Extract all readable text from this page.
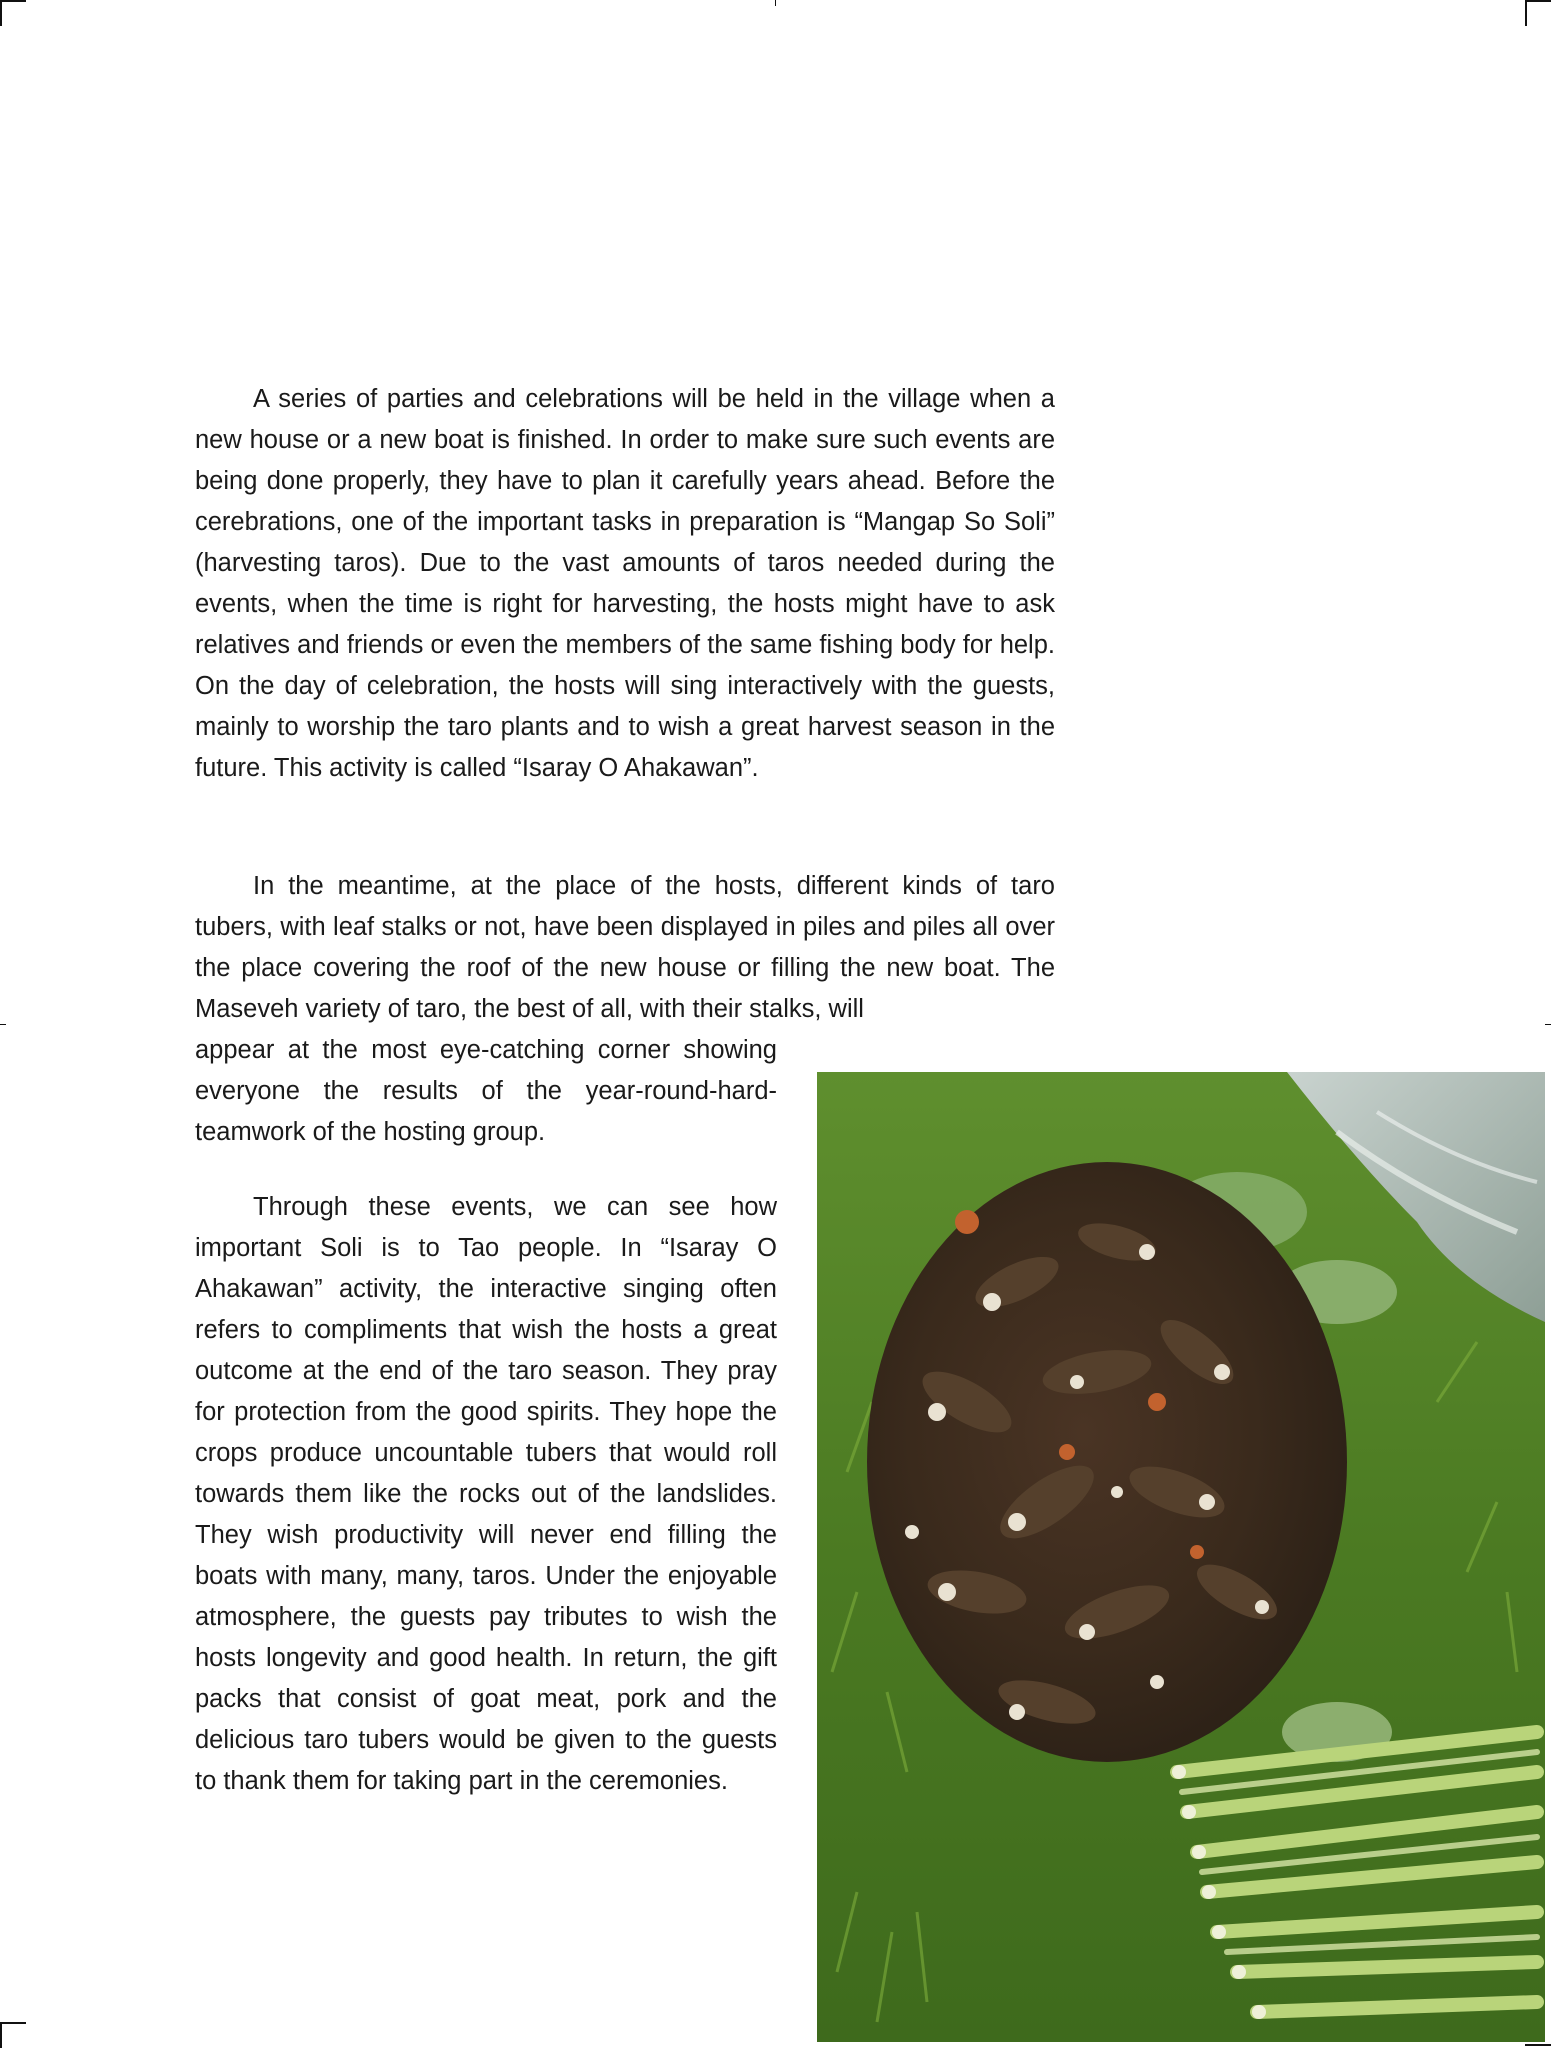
A series of parties and celebrations will be held in the village when a new house or a new boat is finished. In order to make sure such events are being done properly, they have to plan it carefully years ahead. Before the cerebrations, one of the important tasks in preparation is “Mangap So Soli” (harvesting taros). Due to the vast amounts of taros needed during the events, when the time is right for harvesting, the hosts might have to ask relatives and friends or even the members of the same fishing body for help. On the day of celebration, the hosts will sing interactively with the guests, mainly to worship the taro plants and to wish a great harvest season in the future. This activity is called “Isaray O Ahakawan”.

In the meantime, at the place of the hosts, different kinds of taro tubers, with leaf stalks or not, have been displayed in piles and piles all over the place covering the roof of the new house or filling the new boat. The Maseveh variety of taro, the best of all, with their stalks, will

appear at the most eye-catching corner showing everyone the results of the year-round-hard-teamwork of the hosting group.

Through these events, we can see how important Soli is to Tao people. In “Isaray O Ahakawan” activity, the interactive singing often refers to compliments that wish the hosts a great outcome at the end of the taro season. They pray for protection from the good spirits. They hope the crops produce uncountable tubers that would roll towards them like the rocks out of the landslides. They wish productivity will never end filling the boats with many, many, taros. Under the enjoyable atmosphere, the guests pay tributes to wish the hosts longevity and good health. In return, the gift packs that consist of goat meat, pork and the delicious taro tubers would be given to the guests to thank them for taking part in the ceremonies.
